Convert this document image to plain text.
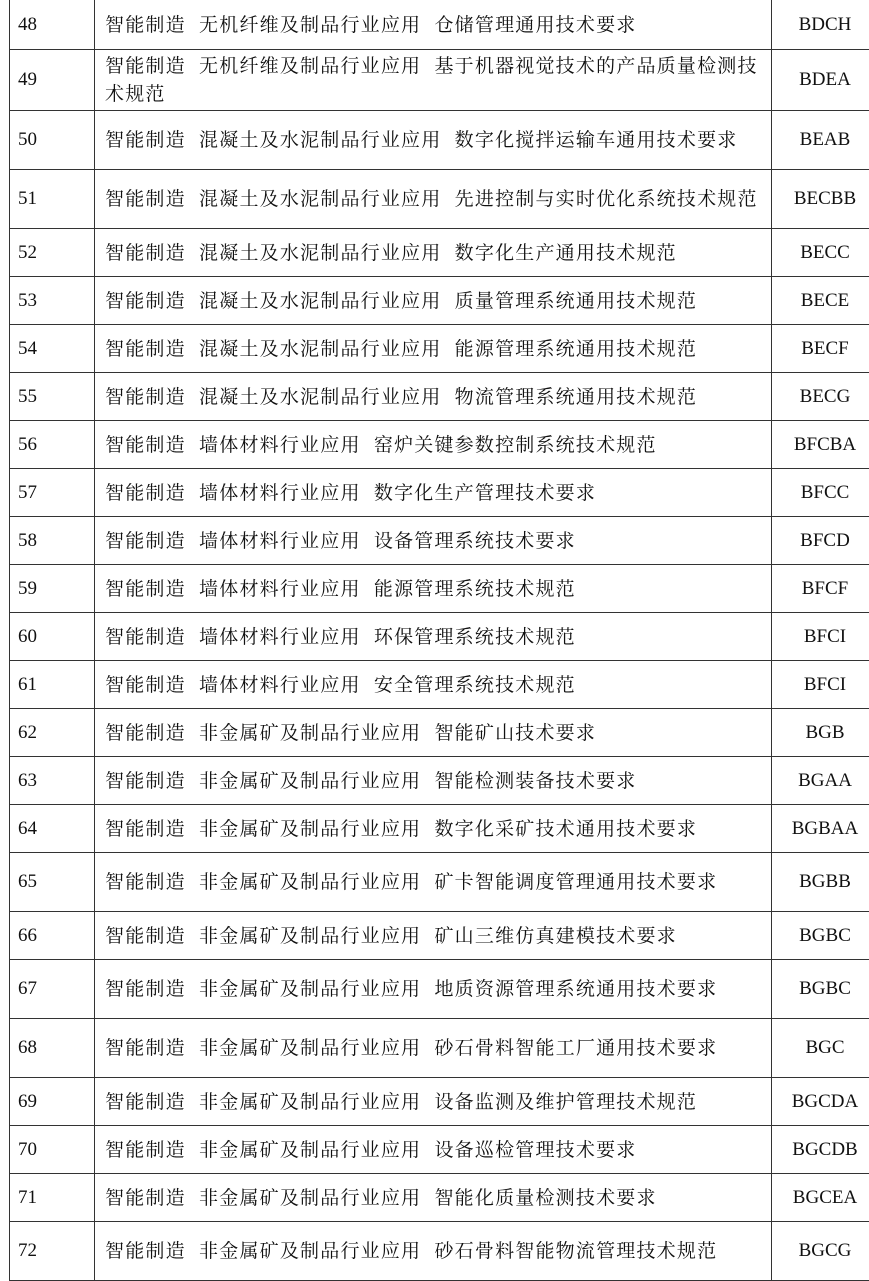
48	智能制造 无机纤维及制品行业应用 仓储管理通用技术要求	BDCH
49	智能制造 无机纤维及制品行业应用 基于机器视觉技术的产品质量检测技术规范	BDEA
50	智能制造 混凝土及水泥制品行业应用 数字化搅拌运输车通用技术要求	BEAB
51	智能制造 混凝土及水泥制品行业应用 先进控制与实时优化系统技术规范	BECBB
52	智能制造 混凝土及水泥制品行业应用 数字化生产通用技术规范	BECC
53	智能制造 混凝土及水泥制品行业应用 质量管理系统通用技术规范	BECE
54	智能制造 混凝土及水泥制品行业应用 能源管理系统通用技术规范	BECF
55	智能制造 混凝土及水泥制品行业应用 物流管理系统通用技术规范	BECG
56	智能制造 墙体材料行业应用 窑炉关键参数控制系统技术规范	BFCBA
57	智能制造 墙体材料行业应用 数字化生产管理技术要求	BFCC
58	智能制造 墙体材料行业应用 设备管理系统技术要求	BFCD
59	智能制造 墙体材料行业应用 能源管理系统技术规范	BFCF
60	智能制造 墙体材料行业应用 环保管理系统技术规范	BFCI
61	智能制造 墙体材料行业应用 安全管理系统技术规范	BFCI
62	智能制造 非金属矿及制品行业应用 智能矿山技术要求	BGB
63	智能制造 非金属矿及制品行业应用 智能检测装备技术要求	BGAA
64	智能制造 非金属矿及制品行业应用 数字化采矿技术通用技术要求	BGBAA
65	智能制造 非金属矿及制品行业应用 矿卡智能调度管理通用技术要求	BGBB
66	智能制造 非金属矿及制品行业应用 矿山三维仿真建模技术要求	BGBC
67	智能制造 非金属矿及制品行业应用 地质资源管理系统通用技术要求	BGBC
68	智能制造 非金属矿及制品行业应用 砂石骨料智能工厂通用技术要求	BGC
69	智能制造 非金属矿及制品行业应用 设备监测及维护管理技术规范	BGCDA
70	智能制造 非金属矿及制品行业应用 设备巡检管理技术要求	BGCDB
71	智能制造 非金属矿及制品行业应用 智能化质量检测技术要求	BGCEA
72	智能制造 非金属矿及制品行业应用 砂石骨料智能物流管理技术规范	BGCG
